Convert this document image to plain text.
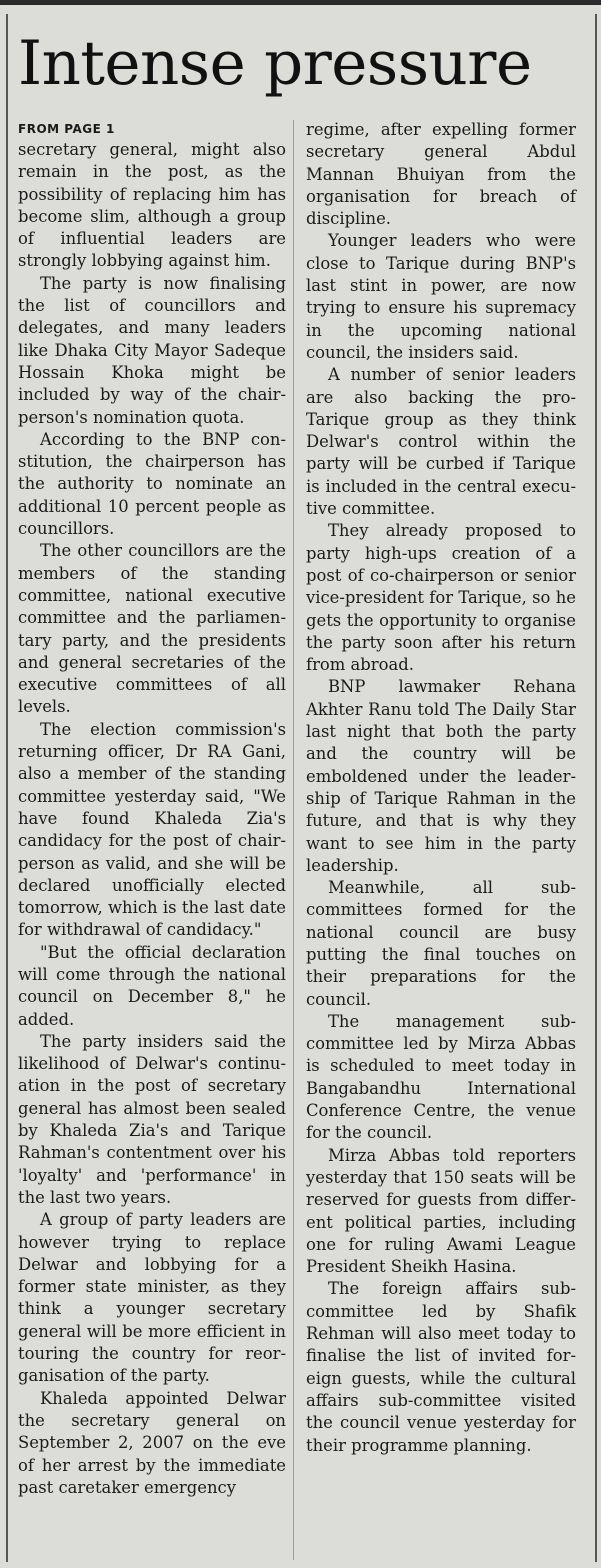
Intense pressure
FROM PAGE 1

secretary general, might also remain in the post, as the possibility of replacing him has become slim, although a group of influential leaders are strongly lobbying against him.

The party is now finalising the list of councillors and delegates, and many leaders like Dhaka City Mayor Sadeque Hossain Khoka might be included by way of the chairperson's nomination quota.

According to the BNP constitution, the chairperson has the authority to nominate an additional 10 percent people as councillors.

The other councillors are the members of the standing committee, national executive committee and the parliamentary party, and the presidents and general secretaries of the executive committees of all levels.

The election commission's returning officer, Dr RA Gani, also a member of the standing committee yesterday said, "We have found Khaleda Zia's candidacy for the post of chairperson as valid, and she will be declared unofficially elected tomorrow, which is the last date for withdrawal of candidacy."

"But the official declaration will come through the national council on December 8," he added.

The party insiders said the likelihood of Delwar's continuation in the post of secretary general has almost been sealed by Khaleda Zia's and Tarique Rahman's contentment over his 'loyalty' and 'performance' in the last two years.

A group of party leaders are however trying to replace Delwar and lobbying for a former state minister, as they think a younger secretary general will be more efficient in touring the country for reorganisation of the party.

Khaleda appointed Delwar the secretary general on September 2, 2007 on the eve of her arrest by the immediate past caretaker emergency

regime, after expelling former secretary general Abdul Mannan Bhuiyan from the organisation for breach of discipline.

Younger leaders who were close to Tarique during BNP's last stint in power, are now trying to ensure his supremacy in the upcoming national council, the insiders said.

A number of senior leaders are also backing the pro-Tarique group as they think Delwar's control within the party will be curbed if Tarique is included in the central executive committee.

They already proposed to party high-ups creation of a post of co-chairperson or senior vice-president for Tarique, so he gets the opportunity to organise the party soon after his return from abroad.

BNP lawmaker Rehana Akhter Ranu told The Daily Star last night that both the party and the country will be emboldened under the leadership of Tarique Rahman in the future, and that is why they want to see him in the party leadership.

Meanwhile, all sub-committees formed for the national council are busy putting the final touches on their preparations for the council.

The management sub-committee led by Mirza Abbas is scheduled to meet today in Bangabandhu International Conference Centre, the venue for the council.

Mirza Abbas told reporters yesterday that 150 seats will be reserved for guests from different political parties, including one for ruling Awami League President Sheikh Hasina.

The foreign affairs sub-committee led by Shafik Rehman will also meet today to finalise the list of invited foreign guests, while the cultural affairs sub-committee visited the council venue yesterday for their programme planning.
